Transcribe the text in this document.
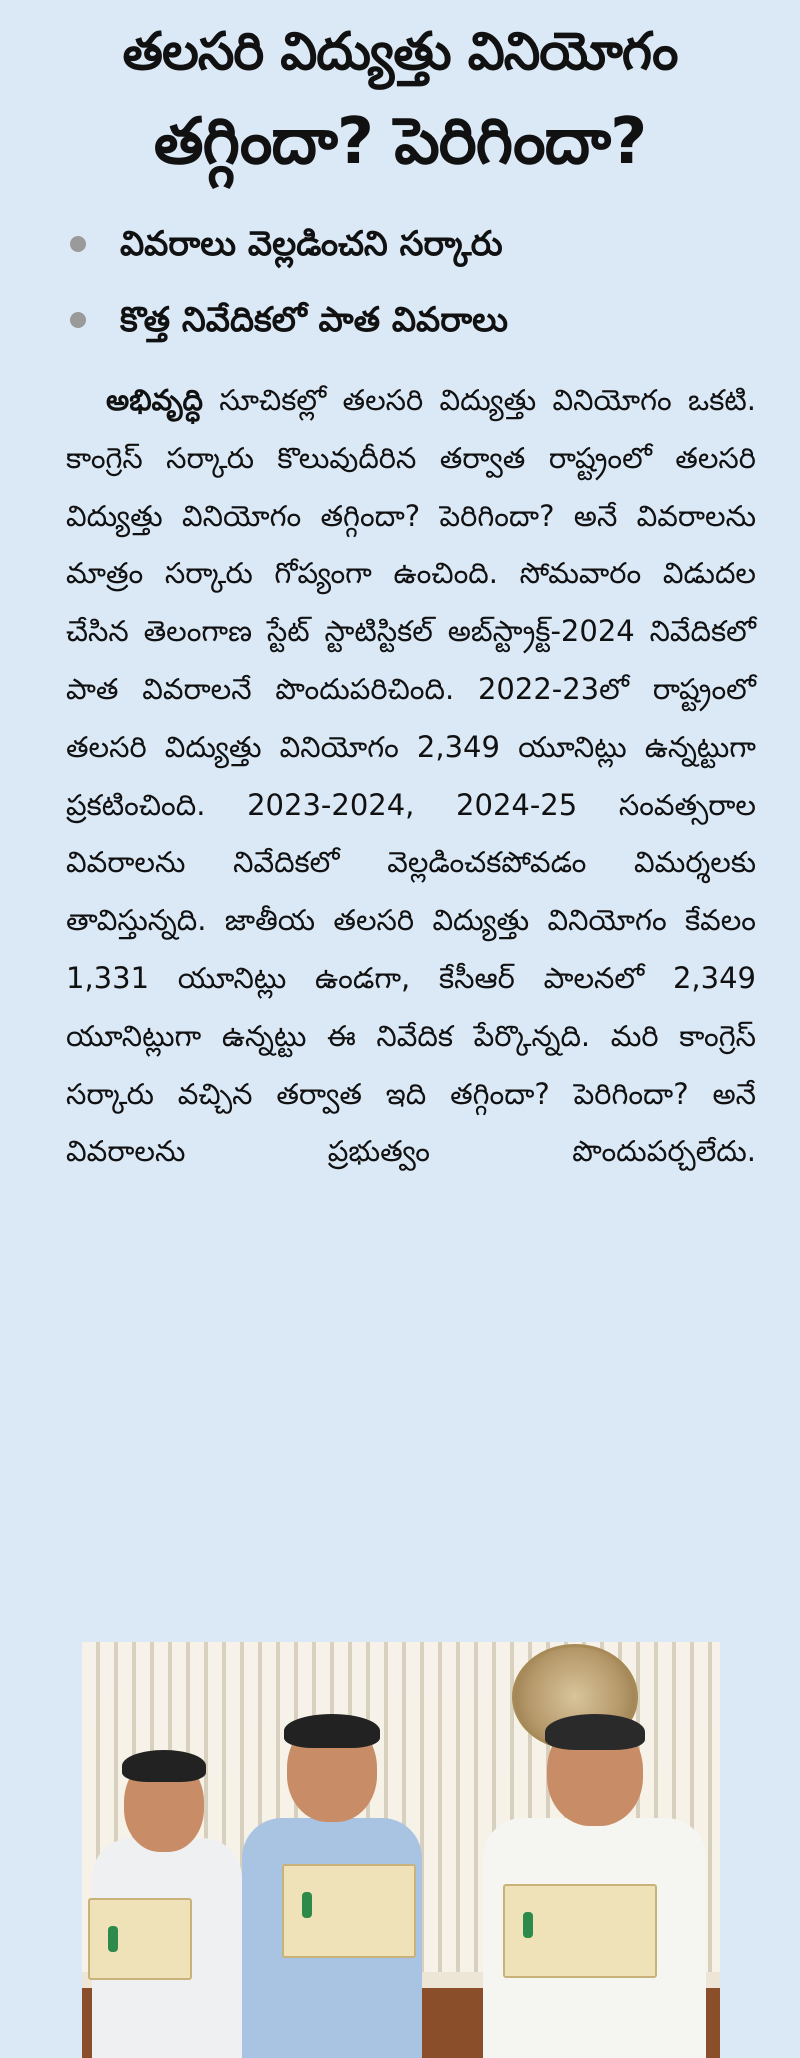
తలసరి విద్యుత్తు వినియోగం
తగ్గిందా? పెరిగిందా?
వివరాలు వెల్లడించని సర్కారు
కొత్త నివేదికలో పాత వివరాలు

అభివృద్ధి సూచికల్లో తలసరి విద్యుత్తు వినియోగం ఒకటి. కాంగ్రెస్ సర్కారు కొలువుదీరిన తర్వాత రాష్ట్రంలో తలసరి విద్యుత్తు వినియోగం తగ్గిందా? పెరిగిందా? అనే వివరాలను మాత్రం సర్కారు గోప్యంగా ఉంచింది. సోమవారం విడుదల చేసిన తెలంగాణ స్టేట్ స్టాటిస్టికల్ అబ్‌స్ట్రాక్ట్-2024 నివేదికలో పాత వివరాలనే పొందుపరిచింది. 2022-23లో రాష్ట్రంలో తలసరి విద్యుత్తు వినియోగం 2,349 యూనిట్లు ఉన్నట్టుగా ప్రకటించింది. 2023-2024, 2024-25 సంవత్సరాల వివరాలను నివేదికలో వెల్లడించకపోవడం విమర్శలకు తావిస్తున్నది. జాతీయ తలసరి విద్యుత్తు వినియోగం కేవలం 1,331 యూనిట్లు ఉండగా, కేసీఆర్ పాలనలో 2,349 యూనిట్లుగా ఉన్నట్టు ఈ నివేదిక పేర్కొన్నది. మరి కాంగ్రెస్ సర్కారు వచ్చిన తర్వాత ఇది తగ్గిందా? పెరిగిందా? అనే వివరాలను ప్రభుత్వం పొందుపర్చలేదు.
